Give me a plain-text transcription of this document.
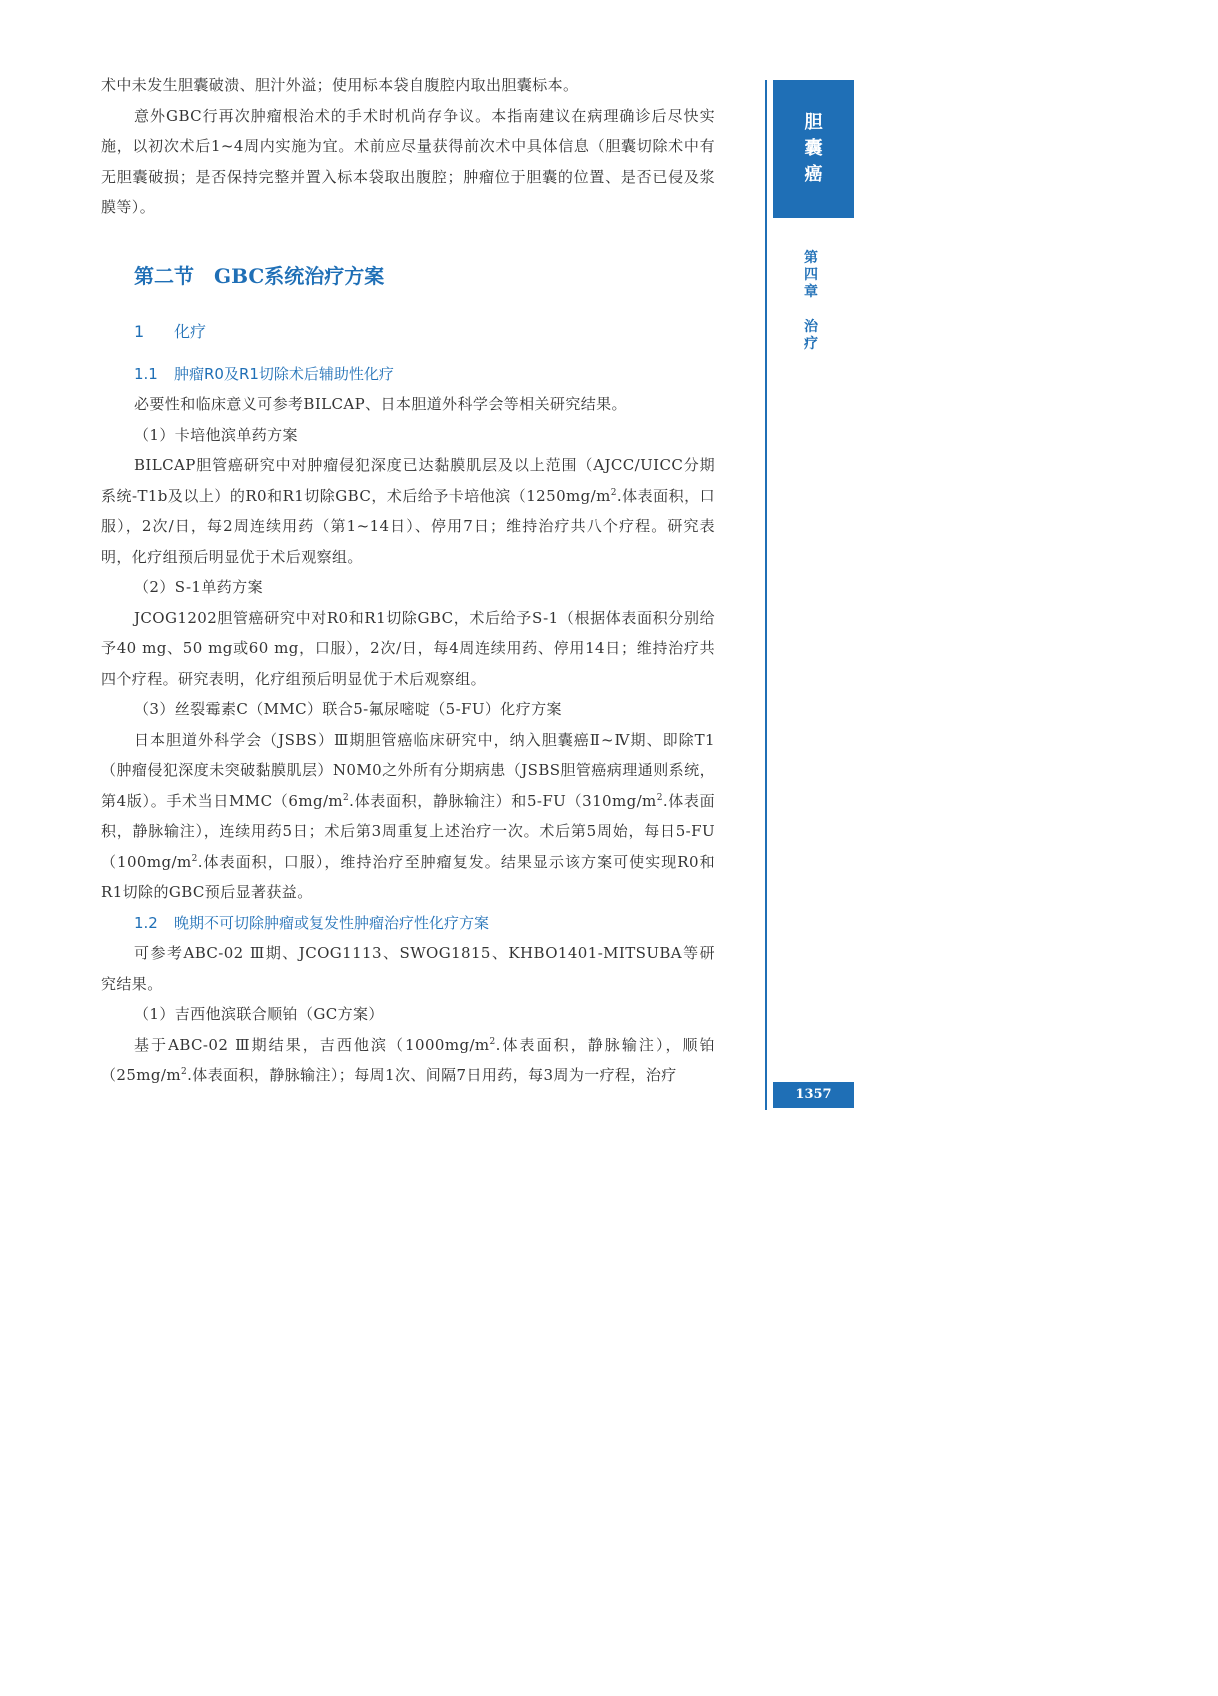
术中未发生胆囊破溃、胆汁外溢；使用标本袋自腹腔内取出胆囊标本。

意外GBC行再次肿瘤根治术的手术时机尚存争议。本指南建议在病理确诊后尽快实施，以初次术后1~4周内实施为宜。术前应尽量获得前次术中具体信息（胆囊切除术中有无胆囊破损；是否保持完整并置入标本袋取出腹腔；肿瘤位于胆囊的位置、是否已侵及浆膜等）。

第二节　GBC系统治疗方案
1 化疗
1.1 肿瘤R0及R1切除术后辅助性化疗

必要性和临床意义可参考BILCAP、日本胆道外科学会等相关研究结果。

（1）卡培他滨单药方案

BILCAP胆管癌研究中对肿瘤侵犯深度已达黏膜肌层及以上范围（AJCC/UICC分期系统-T1b及以上）的R0和R1切除GBC，术后给予卡培他滨（$1250mg/m^2$.体表面积，口服），2次/日，每2周连续用药（第1~14日）、停用7日；维持治疗共八个疗程。研究表明，化疗组预后明显优于术后观察组。

（2）S-1单药方案

JCOG1202胆管癌研究中对R0和R1切除GBC，术后给予S-1（根据体表面积分别给予40 mg、50 mg或60 mg，口服），2次/日，每4周连续用药、停用14日；维持治疗共四个疗程。研究表明，化疗组预后明显优于术后观察组。

（3）丝裂霉素C（MMC）联合5-氟尿嘧啶（5-FU）化疗方案

日本胆道外科学会（JSBS）Ⅲ期胆管癌临床研究中，纳入胆囊癌Ⅱ~Ⅳ期、即除T1（肿瘤侵犯深度未突破黏膜肌层）N0M0之外所有分期病患（JSBS胆管癌病理通则系统，第4版）。手术当日$MMC(6mg/m^2$.体表面积，静脉输注）和$5-FU(310mg/m^2$.体表面积，静脉输注），连续用药5日；术后第3周重复上述治疗一次。术后第5周始，每日$5-FU(100mg/m^2$.体表面积，口服），维持治疗至肿瘤复发。结果显示该方案可使实现R0和R1切除的GBC预后显著获益。

1.2 晚期不可切除肿瘤或复发性肿瘤治疗性化疗方案

可参考ABC-02 Ⅲ期、JCOG1113、SWOG1815、KHBO1401-MITSUBA等研究结果。

（1）吉西他滨联合顺铂（GC方案）

基于ABC-02 Ⅲ期结果，吉西他滨（$1000mg/m^2$.体表面积，静脉输注），顺铂（$25mg/m^2$.体表面积，静脉输注）；每周1次、间隔7日用药，每3周为一疗程，治疗

胆
囊
癌
第
四
章
治
疗
1357
